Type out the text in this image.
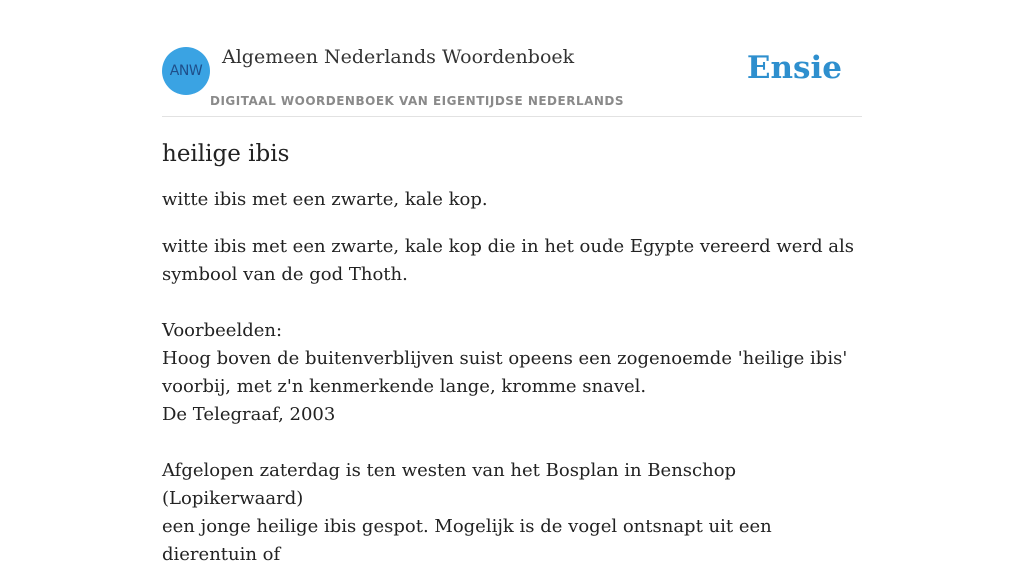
ANW
Algemeen Nederlands Woordenboek
DIGITAAL WOORDENBOEK VAN EIGENTIJDSE NEDERLANDS
Ensie
heilige ibis

witte ibis met een zwarte, kale kop.

witte ibis met een zwarte, kale kop die in het oude Egypte vereerd werd als
symbool van de god Thoth.
Voorbeelden:
Hoog boven de buitenverblijven suist opeens een zogenoemde 'heilige ibis'
voorbij, met z'n kenmerkende lange, kromme snavel.
De Telegraaf, 2003
Afgelopen zaterdag is ten westen van het Bosplan in Benschop (Lopikerwaard)
een jonge heilige ibis gespot. Mogelijk is de vogel ontsnapt uit een dierentuin of
